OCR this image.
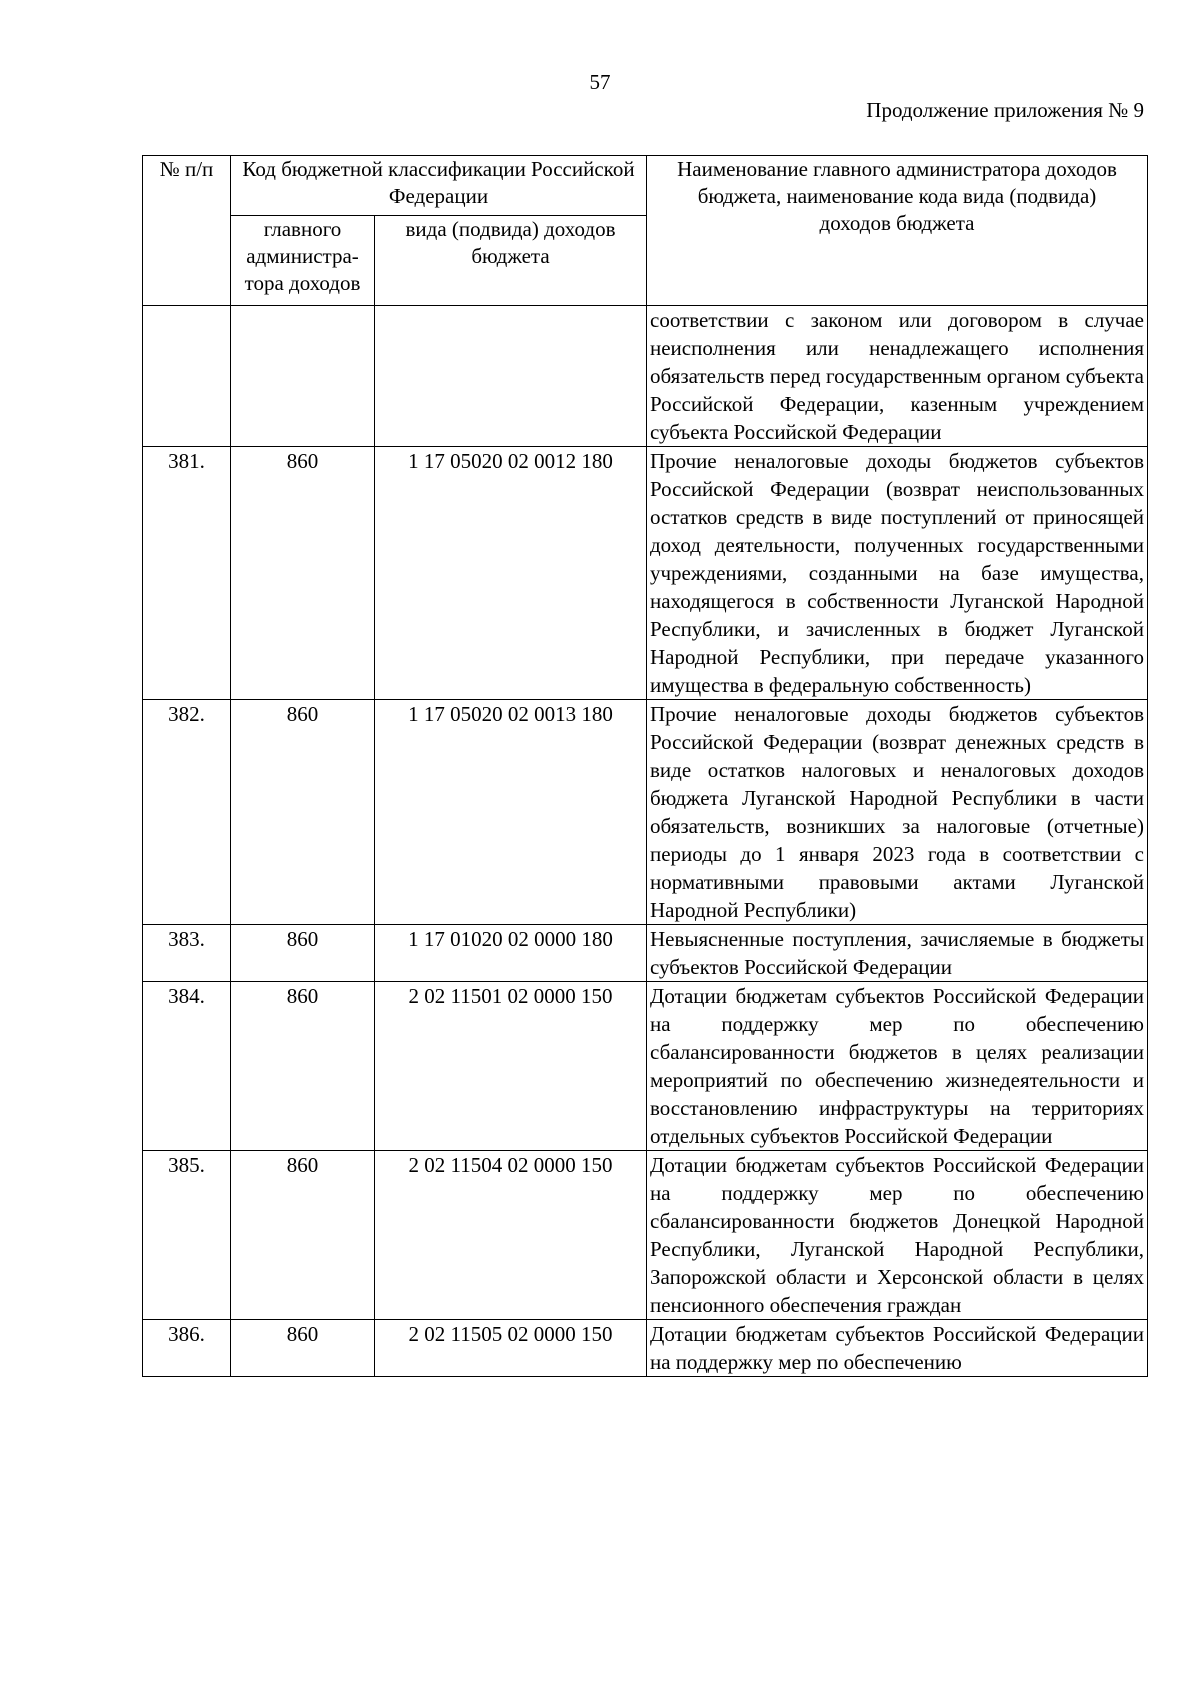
57
Продолжение приложения № 9
№ п/п	Код бюджетной классификации Российской Федерации		Наименование главного администратора доходов бюджета, наименование кода вида (подвида) доходов бюджета
	главного администра-тора доходов	вида (подвида) доходов бюджета	
			соответствии с законом или договором в случае неисполнения или ненадлежащего исполнения обязательств перед государственным органом субъекта Российской Федерации, казенным учреждением субъекта Российской Федерации
381.	860	1 17 05020 02 0012 180	Прочие неналоговые доходы бюджетов субъектов Российской Федерации (возврат неиспользованных остатков средств в виде поступлений от приносящей доход деятельности, полученных государственными учреждениями, созданными на базе имущества, находящегося в собственности Луганской Народной Республики, и зачисленных в бюджет Луганской Народной Республики, при передаче указанного имущества в федеральную собственность)
382.	860	1 17 05020 02 0013 180	Прочие неналоговые доходы бюджетов субъектов Российской Федерации (возврат денежных средств в виде остатков налоговых и неналоговых доходов бюджета Луганской Народной Республики в части обязательств, возникших за налоговые (отчетные) периоды до 1 января 2023 года в соответствии с нормативными правовыми актами Луганской Народной Республики)
383.	860	1 17 01020 02 0000 180	Невыясненные поступления, зачисляемые в бюджеты субъектов Российской Федерации
384.	860	2 02 11501 02 0000 150	Дотации бюджетам субъектов Российской Федерации на поддержку мер по обеспечению сбалансированности бюджетов в целях реализации мероприятий по обеспечению жизнедеятельности и восстановлению инфраструктуры на территориях отдельных субъектов Российской Федерации
385.	860	2 02 11504 02 0000 150	Дотации бюджетам субъектов Российской Федерации на поддержку мер по обеспечению сбалансированности бюджетов Донецкой Народной Республики, Луганской Народной Республики, Запорожской области и Херсонской области в целях пенсионного обеспечения граждан
386.	860	2 02 11505 02 0000 150	Дотации бюджетам субъектов Российской Федерации на поддержку мер по обеспечению
